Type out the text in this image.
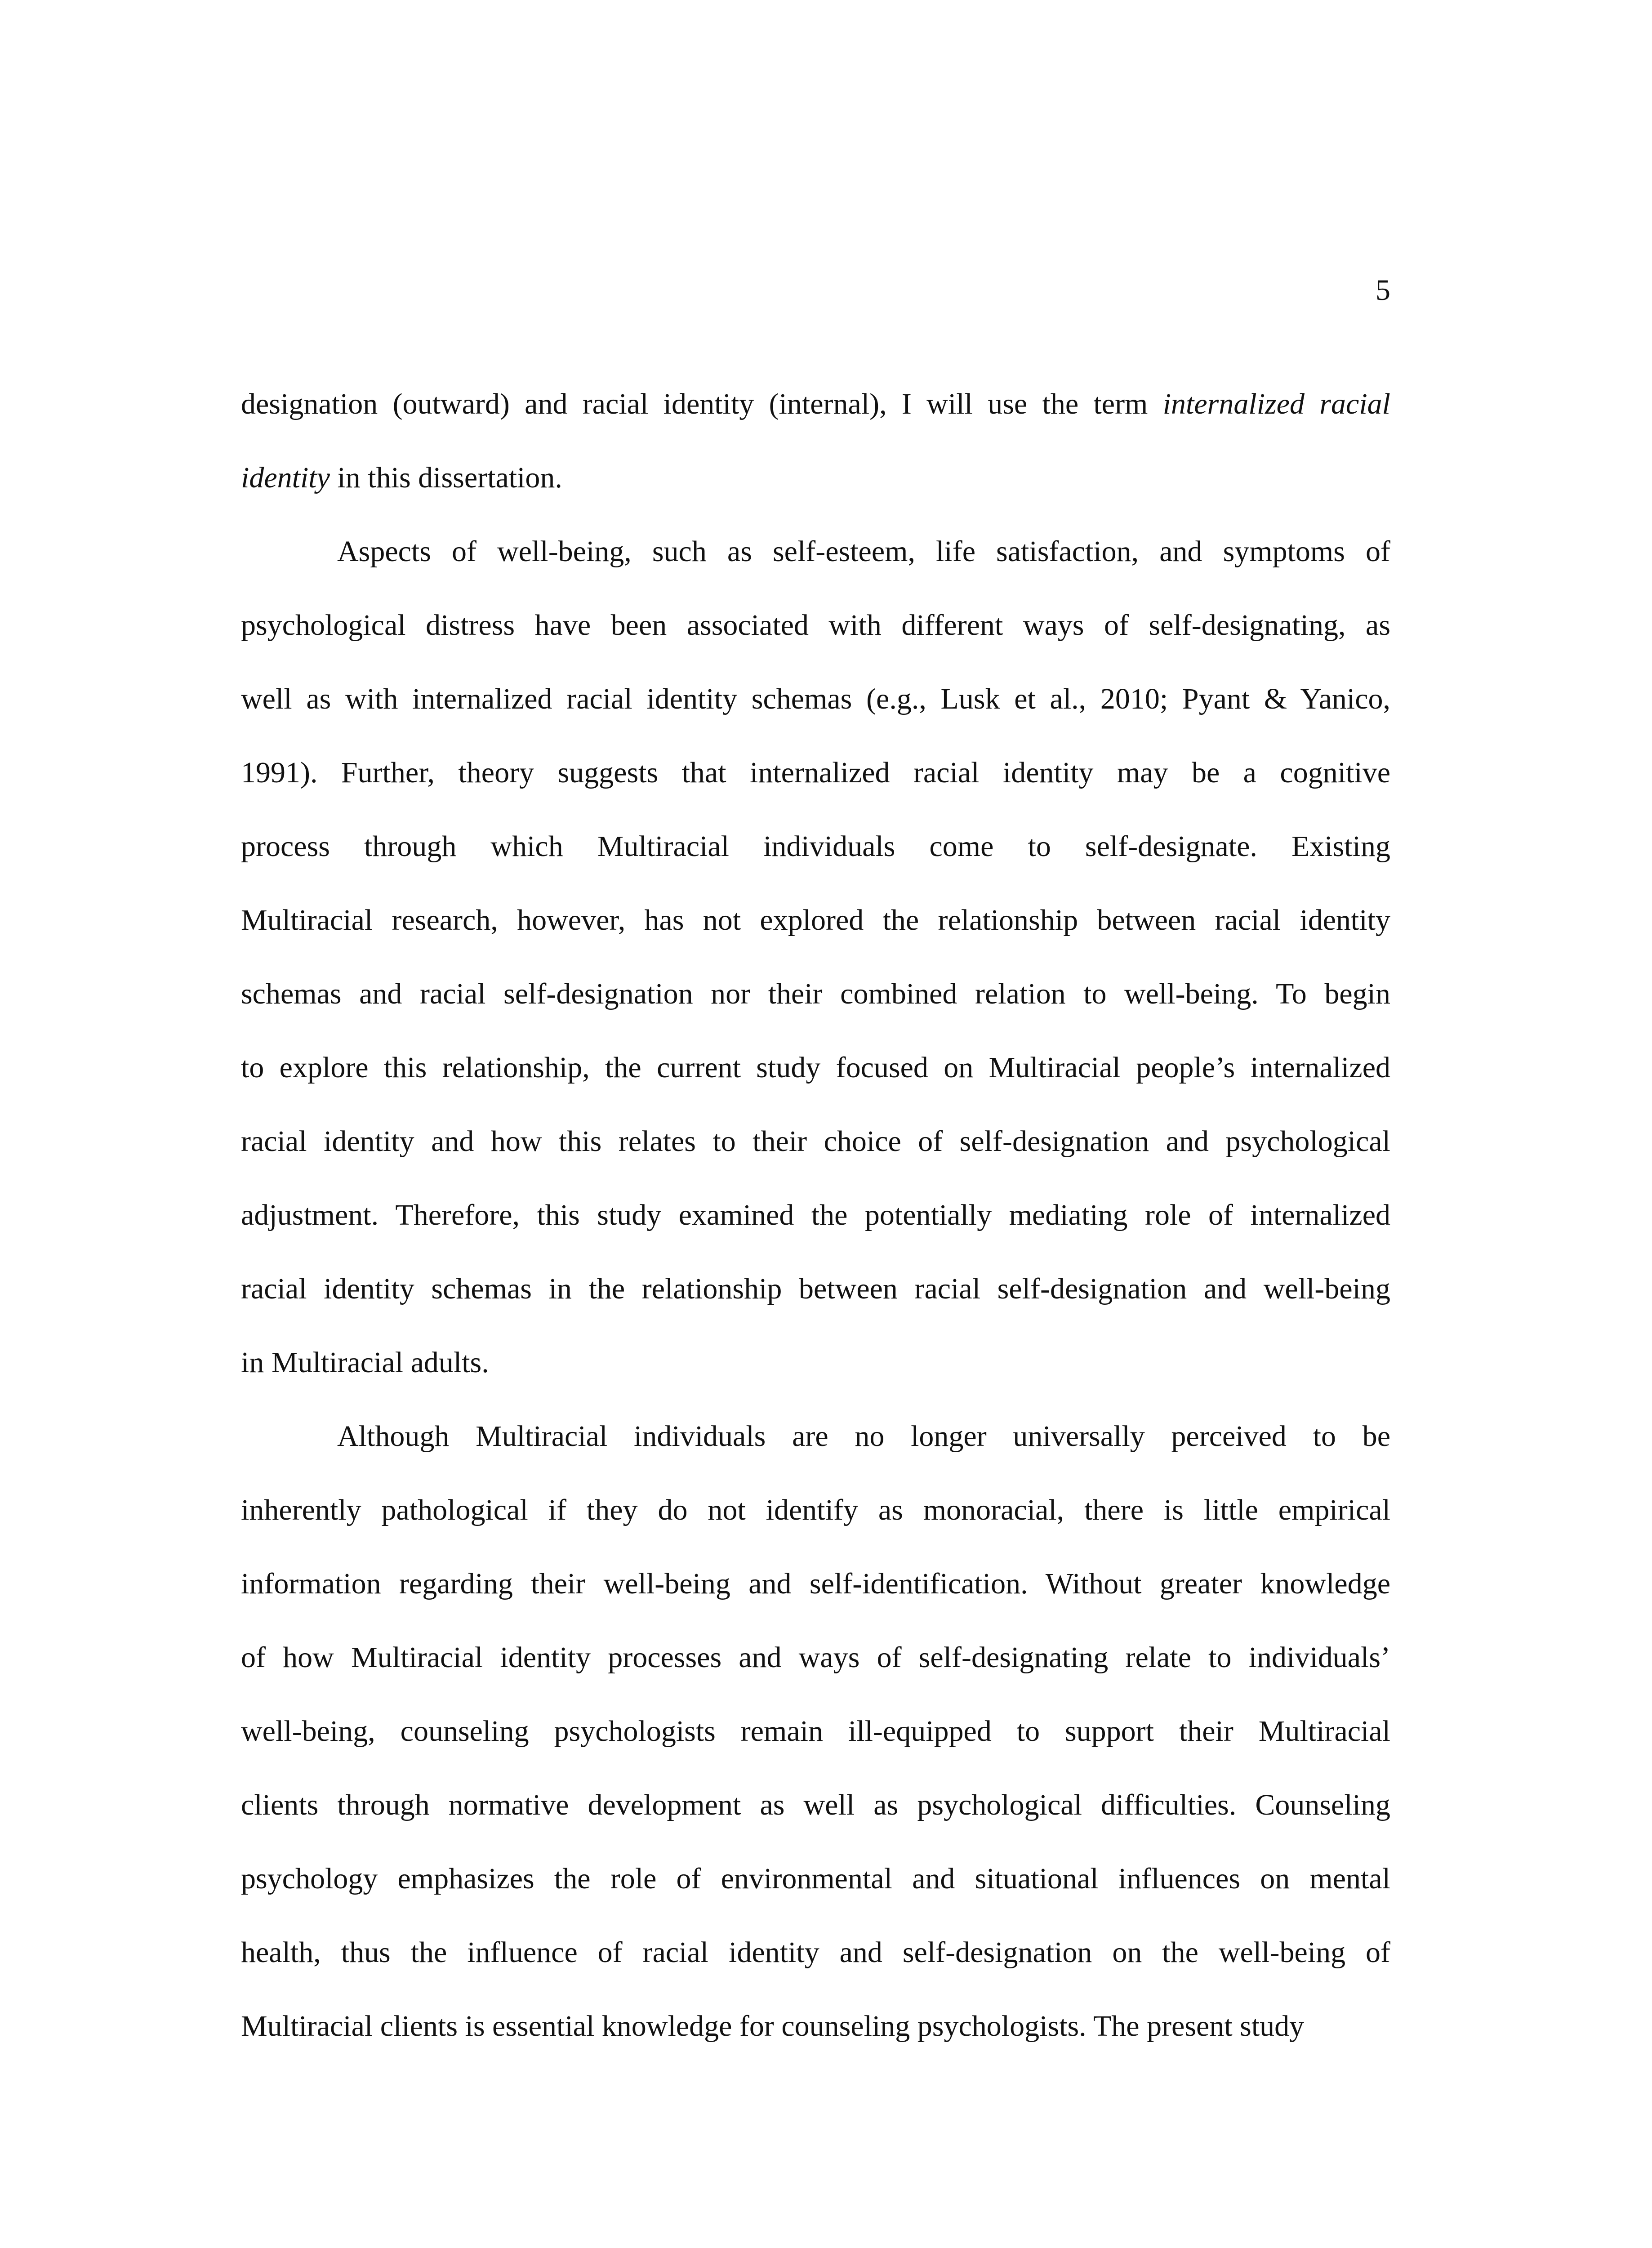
5
designation (outward) and racial identity (internal), I will use the term internalized racial
identity in this dissertation.
Aspects of well-being, such as self-esteem, life satisfaction, and symptoms of
psychological distress have been associated with different ways of self-designating, as
well as with internalized racial identity schemas (e.g., Lusk et al., 2010; Pyant & Yanico,
1991). Further, theory suggests that internalized racial identity may be a cognitive
process through which Multiracial individuals come to self-designate. Existing
Multiracial research, however, has not explored the relationship between racial identity
schemas and racial self-designation nor their combined relation to well-being. To begin
to explore this relationship, the current study focused on Multiracial people’s internalized
racial identity and how this relates to their choice of self-designation and psychological
adjustment. Therefore, this study examined the potentially mediating role of internalized
racial identity schemas in the relationship between racial self-designation and well-being
in Multiracial adults.
Although Multiracial individuals are no longer universally perceived to be
inherently pathological if they do not identify as monoracial, there is little empirical
information regarding their well-being and self-identification. Without greater knowledge
of how Multiracial identity processes and ways of self-designating relate to individuals’
well-being, counseling psychologists remain ill-equipped to support their Multiracial
clients through normative development as well as psychological difficulties. Counseling
psychology emphasizes the role of environmental and situational influences on mental
health, thus the influence of racial identity and self-designation on the well-being of
Multiracial clients is essential knowledge for counseling psychologists. The present study
